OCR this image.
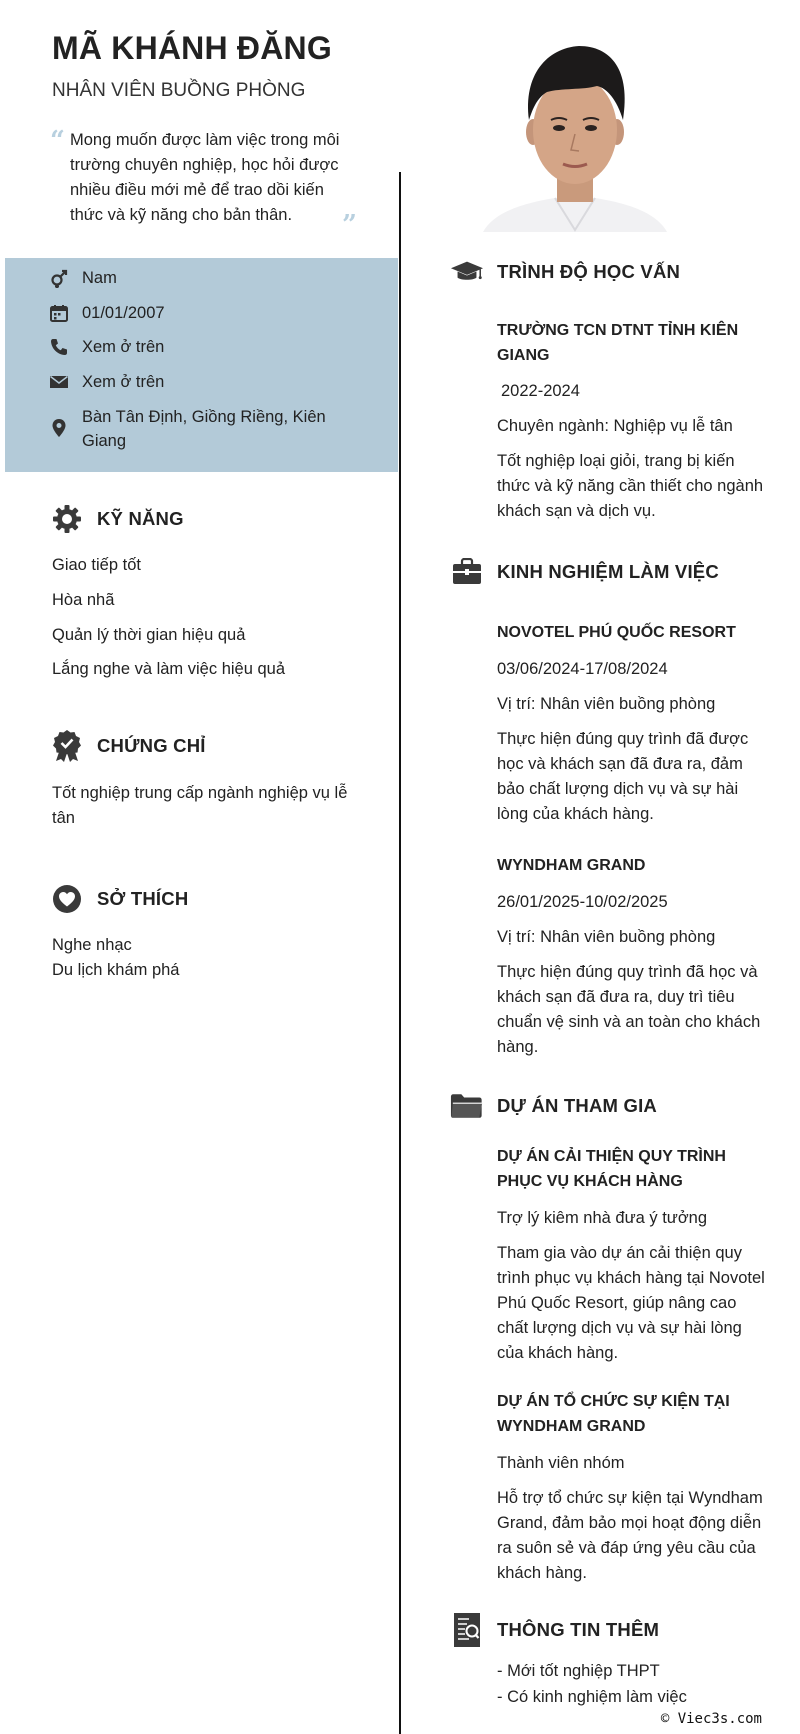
MÃ KHÁNH ĐĂNG
NHÂN VIÊN BUỒNG PHÒNG
“ Mong muốn được làm việc trong môi trường chuyên nghiệp, học hỏi được nhiều điều mới mẻ để trao dồi kiến thức và kỹ năng cho bản thân.	”
Nam
01/01/2007
Xem ở trên
Xem ở trên
Bàn Tân Định, Giồng Riềng, Kiên Giang
KỸ NĂNG
Giao tiếp tốt
Hòa nhã
Quản lý thời gian hiệu quả
Lắng nghe và làm việc hiệu quả
CHỨNG CHỈ
Tốt nghiệp trung cấp ngành nghiệp vụ lễ tân
SỞ THÍCH
Nghe nhạc
Du lịch khám phá
TRÌNH ĐỘ HỌC VẤN
TRƯỜNG TCN DTNT TỈNH KIÊN GIANG
2022-2024
Chuyên ngành: Nghiệp vụ lễ tân
Tốt nghiệp loại giỏi, trang bị kiến thức và kỹ năng cần thiết cho ngành khách sạn và dịch vụ.
KINH NGHIỆM LÀM VIỆC
NOVOTEL PHÚ QUỐC RESORT
03/06/2024-17/08/2024
Vị trí: Nhân viên buồng phòng
Thực hiện đúng quy trình đã được học và khách sạn đã đưa ra, đảm bảo chất lượng dịch vụ và sự hài lòng của khách hàng.
WYNDHAM GRAND
26/01/2025-10/02/2025
Vị trí: Nhân viên buồng phòng
Thực hiện đúng quy trình đã học và khách sạn đã đưa ra, duy trì tiêu chuẩn vệ sinh và an toàn cho khách hàng.
DỰ ÁN THAM GIA
DỰ ÁN CẢI THIỆN QUY TRÌNH PHỤC VỤ KHÁCH HÀNG
Trợ lý kiêm nhà đưa ý tưởng
Tham gia vào dự án cải thiện quy trình phục vụ khách hàng tại Novotel Phú Quốc Resort, giúp nâng cao chất lượng dịch vụ và sự hài lòng của khách hàng.
DỰ ÁN TỔ CHỨC SỰ KIỆN TẠI WYNDHAM GRAND
Thành viên nhóm
Hỗ trợ tổ chức sự kiện tại Wyndham Grand, đảm bảo mọi hoạt động diễn ra suôn sẻ và đáp ứng yêu cầu của khách hàng.
THÔNG TIN THÊM
- Mới tốt nghiệp THPT
- Có kinh nghiệm làm việc
© Viec3s.com
